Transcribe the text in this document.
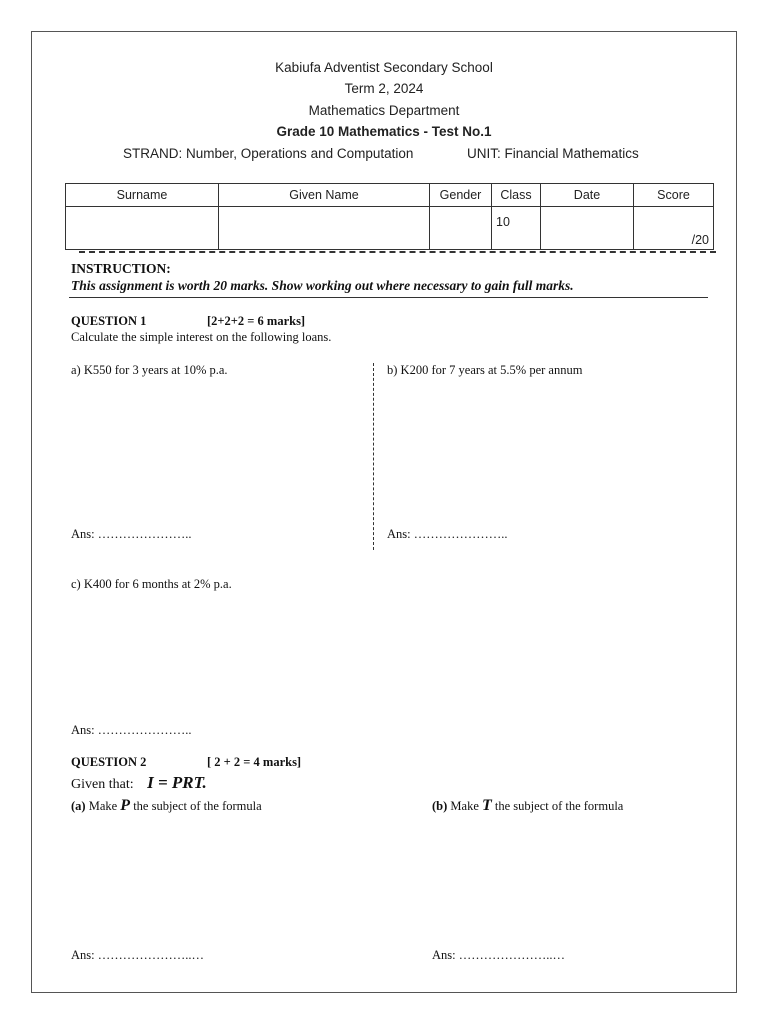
Kabiufa Adventist Secondary School
Term 2, 2024
Mathematics Department
Grade 10 Mathematics - Test No.1
STRAND: Number, Operations and Computation	UNIT: Financial Mathematics
Surname	Given Name	Gender	Class	Date	Score
			10		/20
INSTRUCTION:
This assignment is worth 20 marks. Show working out where necessary to gain full marks.
QUESTION 1	[2+2+2 = 6 marks]
Calculate the simple interest on the following loans.
a) K550 for 3 years at 10% p.a.	b) K200 for 7 years at 5.5% per annum
Ans: …………………..	Ans: …………………..
c) K400 for 6 months at 2% p.a.
Ans: …………………..
QUESTION 2	[ 2 + 2 = 4 marks]
Given that: I = PRT.
(a) Make P the subject of the formula	(b) Make T the subject of the formula
Ans: …………………..…	Ans: …………………..…
